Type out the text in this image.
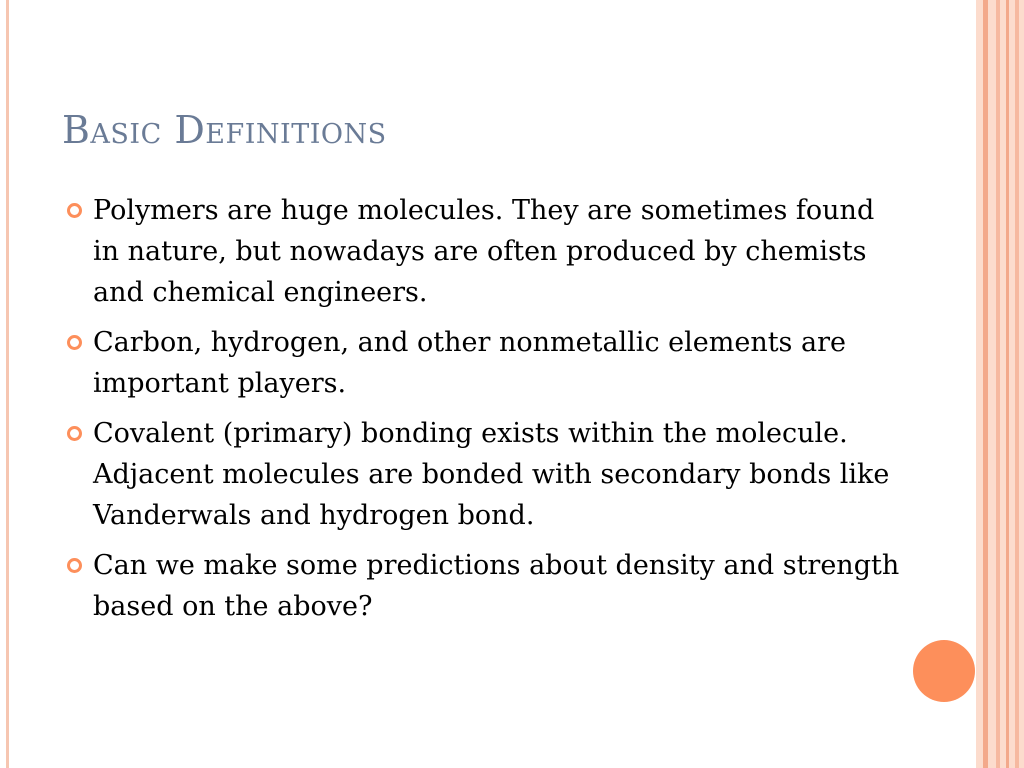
Basic Definitions
Polymers are huge molecules. They are sometimes found in nature, but nowadays are often produced by chemists and chemical engineers.
Carbon, hydrogen, and other nonmetallic elements are important players.
Covalent (primary) bonding exists within the molecule. Adjacent molecules are bonded with secondary bonds like Vanderwals and hydrogen bond.
Can we make some predictions about density and strength based on the above?
